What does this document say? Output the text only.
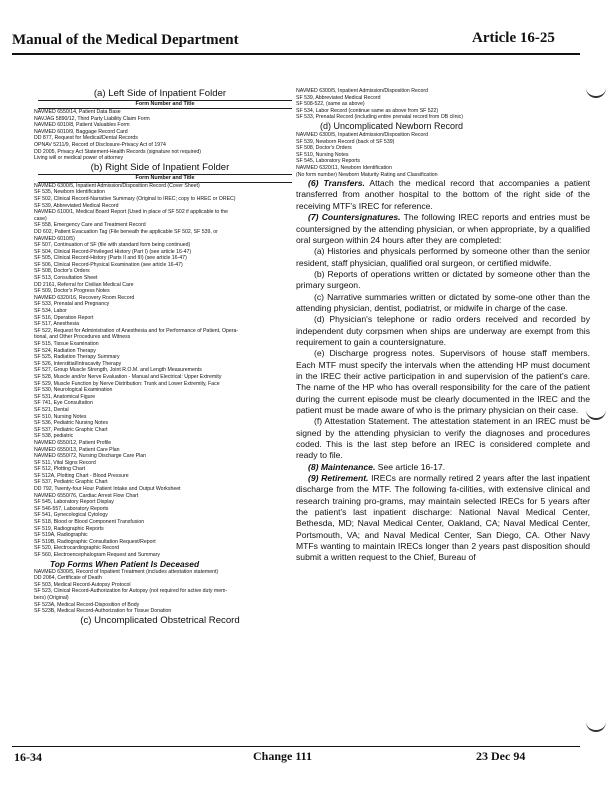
Manual of the Medical Department	Article 16-25
(a) Left Side of Inpatient Folder
Form Number and Title
NAVMED 6550/14, Patient Data Base
NAVJAG 5890/12, Third Party Liability Claim Form
NAVMED 6010/8, Patient Valuables Form
NAVMED 6010/9, Baggage Record Card
DD 877, Request for Medical/Dental Records
OPNAV 5211/9, Record of Disclosure-Privacy Act of 1974
DD 2005, Privacy Act Statement-Health Records (signature not required)
Living will or medical power of attorney
(b) Right Side of Inpatient Folder
Form Number and Title
NAVMED 6300/5, Inpatient Admission/Disposition Record (Cover Sheet)
SF 535, Newborn Identification
SF 502, Clinical Record-Narrative Summary (Original to IREC; copy to HREC or OREC)
SF 539, Abbreviated Medical Record
NAVMED 6100/1, Medical Board Report (Used in place of SF 502 if applicable to the
case)
SF 558, Emergency Care and Treatment Record
DD 602, Patient Evacuation Tag (File beneath the applicable SF 502, SF 539, or
NAVMED 6010/5)
SF 507, Continuation of SF (file with standard form being continued)
SF 504, Clinical Record-Privileged History (Part I) (see article 16-47)
SF 505, Clinical Record-History (Parts II and III) (see article 16-47)
SF 506, Clinical Record-Physical Examination (see article 16-47)
SF 508, Doctor's Orders
SF 513, Consultation Sheet
DD 2161, Referral for Civilian Medical Care
SF 509, Doctor's Progress Notes
NAVMED 6320/16, Recovery Room Record
SF 533, Prenatal and Pregnancy
SF 534, Labor
SF 516, Operation Report
SF 517, Anesthesia
SF 522, Request for Administration of Anesthesia and for Performance of Patient, Opera-
tional, and Other Procedures and Witness
SF 515, Tissue Examination
SF 524, Radiation Therapy
SF 525, Radiation Therapy Summary
SF 526, Interstitial/Intracavity Therapy
SF 527, Group Muscle Strength, Joint R.O.M. and Length Measurements
SF 528, Muscle and/or Nerve Evaluation - Manual and Electrical: Upper Extremity
SF 529, Muscle Function by Nerve Distribution: Trunk and Lower Extremity, Face
SF 530, Neurological Examination
SF 531, Anatomical Figure
SF 741, Eye Consultation
SF 521, Dental
SF 510, Nursing Notes
SF 536, Pediatric Nursing Notes
SF 537, Pediatric Graphic Chart
SF 538, pediatric
NAVMED 6550/12, Patient Profile
NAVMED 6550/13, Patient Care Plan
NAVMED 6550/72, Nursing Discharge Care Plan
SF 511, Vital Signs Record
SF 512, Plotting Chart
SF 512A, Plotting Chart - Blood Pressure
SF 537, Pediatric Graphic Chart
DD 792, Twenty-four Hour Patient Intake and Output Worksheet
NAVMED 6550/76, Cardiac Arrest Flow Chart
SF 545, Laboratory Report Display
SF 546-557, Laboratory Reports
SF 541, Gynecological Cytology
SF 518, Blood or Blood Component Transfusion
SF 519, Radiographic Reports
SF 519A, Radiographic
SF 519B, Radiographic Consultation Request/Report
SF 520, Electrocardiographic Record
SF 560, Electroencephalogram Request and Summary
Top Forms When Patient Is Deceased
NAVMED 6300/5, Record of Inpatient Treatment (includes attestation statement)
DD 2064, Certificate of Death
SF 503, Medical Record-Autopsy Protocol
SF 523, Clinical Record-Authorization for Autopsy (not required for active duty mem-
bers) (Original)
SF 523A, Medical Record-Disposition of Body
SF 523B, Medical Record-Authorization for Tissue Donation
(c) Uncomplicated Obstetrical Record
NAVMED 6300/5, Inpatient Admission/Disposition Record
SF 539, Abbreviated Medical Record
SF 508-522, (same as above)
SF 534, Labor Record (continue same as above from SF 522)
SF 533, Prenatal Record (including entire prenatal record from OB clinic)
(d) Uncomplicated Newborn Record
NAVMED 6300/5, Inpatient Admission/Disposition Record
SF 539, Newborn Record (back of SF 539)
SF 508, Doctor's Orders
SF 510, Nursing Notes
SF 545, Laboratory Reports
NAVMED 6320/11, Newborn Identification
(No form number) Newborn Maturity Rating and Classification
(6) Transfers. Attach the medical record that accompanies a patient transferred from another hospital to the bottom of the right side of the receiving MTF's IREC for reference.
(7) Countersignatures. The following IREC reports and entries must be countersigned by the attending physician, or when appropriate, by a qualified oral surgeon within 24 hours after they are completed:
(a) Histories and physicals performed by someone other than the senior resident, staff physician, qualified oral surgeon, or certified midwife.
(b) Reports of operations written or dictated by someone other than the primary surgeon.
(c) Narrative summaries written or dictated by some-one other than the attending physician, dentist, podiatrist, or midwife in charge of the case.
(d) Physician's telephone or radio orders received and recorded by independent duty corpsmen when ships are underway are exempt from this requirement to gain a countersignature.
(e) Discharge progress notes. Supervisors of house staff members. Each MTF must specify the intervals when the attending HP must document in the IREC their active participation in and supervision of the patient's care. The name of the HP who has overall responsibility for the care of the patient during the current episode must be clearly documented in the IREC and the patient must be made aware of who is the primary physician on their case.
(f) Attestation Statement. The attestation statement in an IREC must be signed by the attending physician to verify the diagnoses and procedures coded. This is the last step before an IREC is considered complete and ready to file.
(8) Maintenance. See article 16-17.
(9) Retirement. IRECs are normally retired 2 years after the last inpatient discharge from the MTF. The following fa-cilities, with extensive clinical and research training pro-grams, may maintain selected IRECs for 5 years after the patient's last inpatient discharge: National Naval Medical Center, Bethesda, MD; Naval Medical Center, Oakland, CA; Naval Medical Center, Portsmouth, VA; and Naval Medical Center, San Diego, CA. Other Navy MTFs wanting to maintain IRECs longer than 2 years past disposition should submit a written request to the Chief, Bureau of
16-34	Change 111	23 Dec 94
